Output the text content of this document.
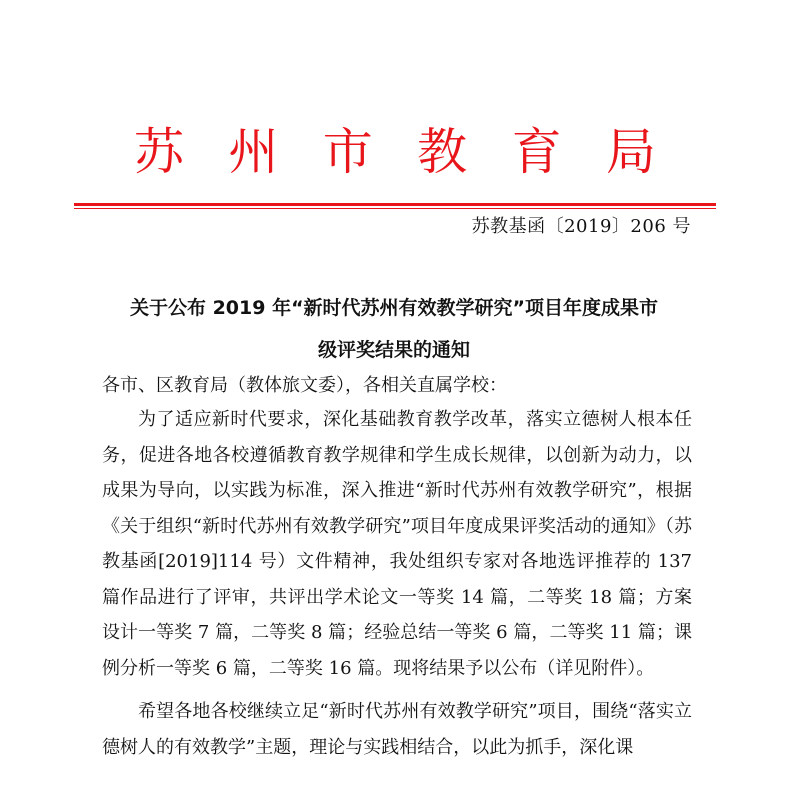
苏 州 市 教 育 局
苏教基函〔2019〕206 号

关于公布 2019 年“新时代苏州有效教学研究”项目年度成果市

级评奖结果的通知

各市、区教育局（教体旅文委），各相关直属学校：

为了适应新时代要求，深化基础教育教学改革，落实立德树人根本任务，促进各地各校遵循教育教学规律和学生成长规律，以创新为动力，以成果为导向，以实践为标准，深入推进“新时代苏州有效教学研究”，根据《关于组织“新时代苏州有效教学研究”项目年度成果评奖活动的通知》（苏教基函[2019]114 号）文件精神，我处组织专家对各地选评推荐的 137 篇作品进行了评审，共评出学术论文一等奖 14 篇，二等奖 18 篇；方案设计一等奖 7 篇，二等奖 8 篇；经验总结一等奖 6 篇，二等奖 11 篇；课例分析一等奖 6 篇，二等奖 16 篇。现将结果予以公布（详见附件）。

希望各地各校继续立足“新时代苏州有效教学研究”项目，围绕“落实立德树人的有效教学”主题，理论与实践相结合，以此为抓手，深化课
